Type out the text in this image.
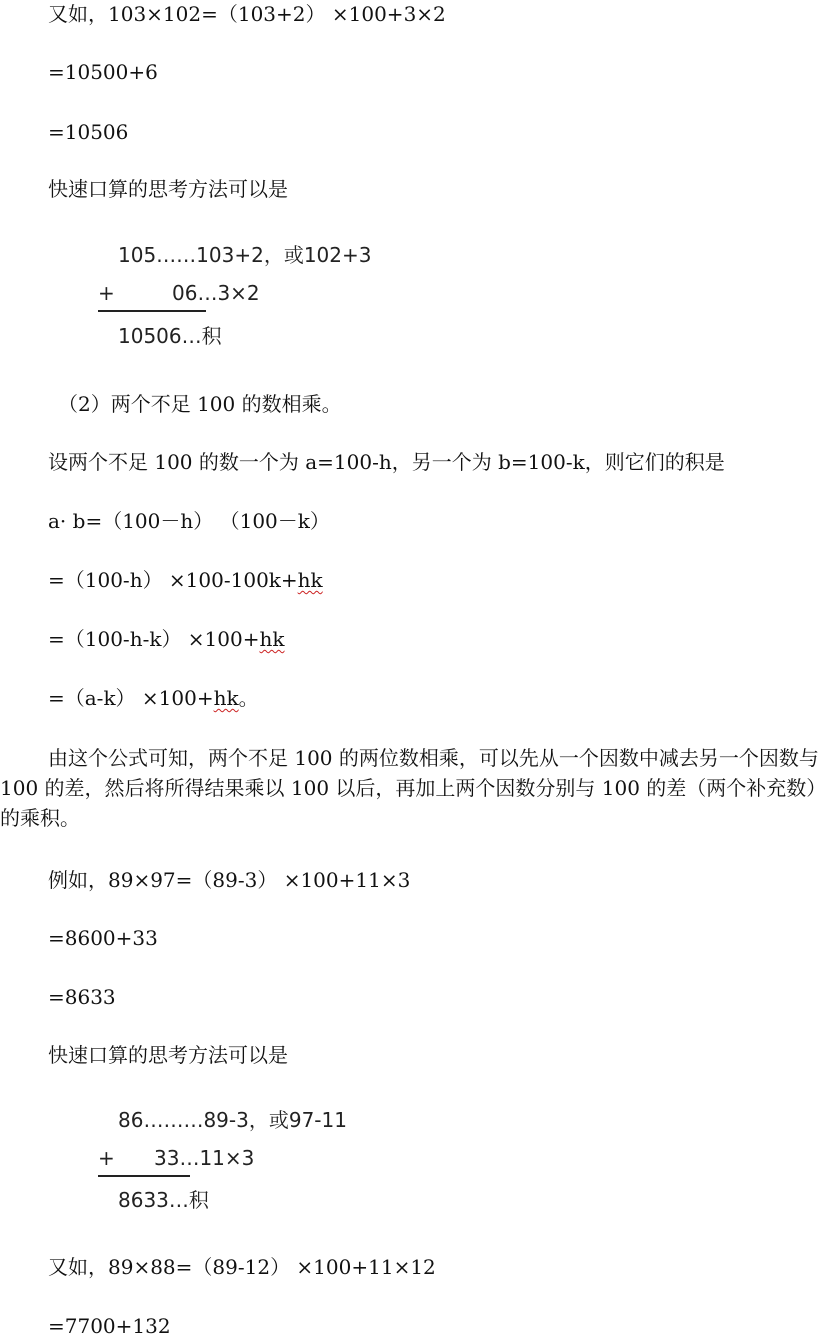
又如，103×102=（103+2） ×100+3×2
=10500+6
=10506
快速口算的思考方法可以是
105……103+2，或102+3
+	06…3×2
10506…积
（2）两个不足 100 的数相乘。
设两个不足 100 的数一个为 a=100-h，另一个为 b=100-k，则它们的积是
a· b=（100－h） （100－k）
=（100-h） ×100-100k+hk
=（100-h-k） ×100+hk
=（a-k） ×100+hk。
由这个公式可知，两个不足 100 的两位数相乘，可以先从一个因数中减去另一个因数与 100 的差，然后将所得结果乘以 100 以后，再加上两个因数分别与 100 的差（两个补充数）的乘积。
例如，89×97=（89-3） ×100+11×3
=8600+33
=8633
快速口算的思考方法可以是
86………89-3，或97-11
+ 33…11×3
8633…积
又如，89×88=（89-12） ×100+11×12
=7700+132
